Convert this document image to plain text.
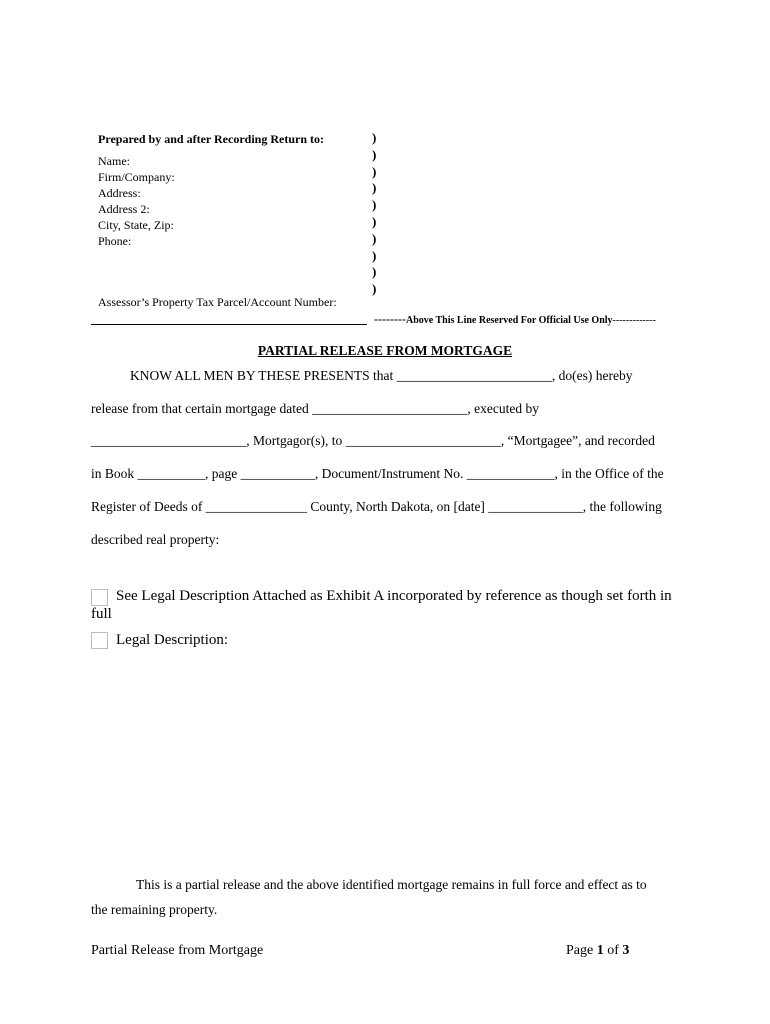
Prepared by and after Recording Return to:
Name:
Firm/Company:
Address:
Address 2:
City, State, Zip:
Phone:
Assessor’s Property Tax Parcel/Account Number:
)
)
)
)
)
)
)
)
)
)
--------Above This Line Reserved For Official Use Only-------------
PARTIAL RELEASE FROM MORTGAGE
KNOW ALL MEN BY THESE PRESENTS that _______________________, do(es) hereby
release from that certain mortgage dated _______________________, executed by
_______________________, Mortgagor(s), to _______________________, “Mortgagee”, and recorded
in Book __________, page ___________, Document/Instrument No. _____________, in the Office of the
Register of Deeds of _______________ County, North Dakota, on [date] ______________, the following
described real property:
See Legal Description Attached as Exhibit A incorporated by reference as though set forth in
full
Legal Description:
This is a partial release and the above identified mortgage remains in full force and effect as to
the remaining property.
Partial Release from Mortgage	Page 1 of 3
